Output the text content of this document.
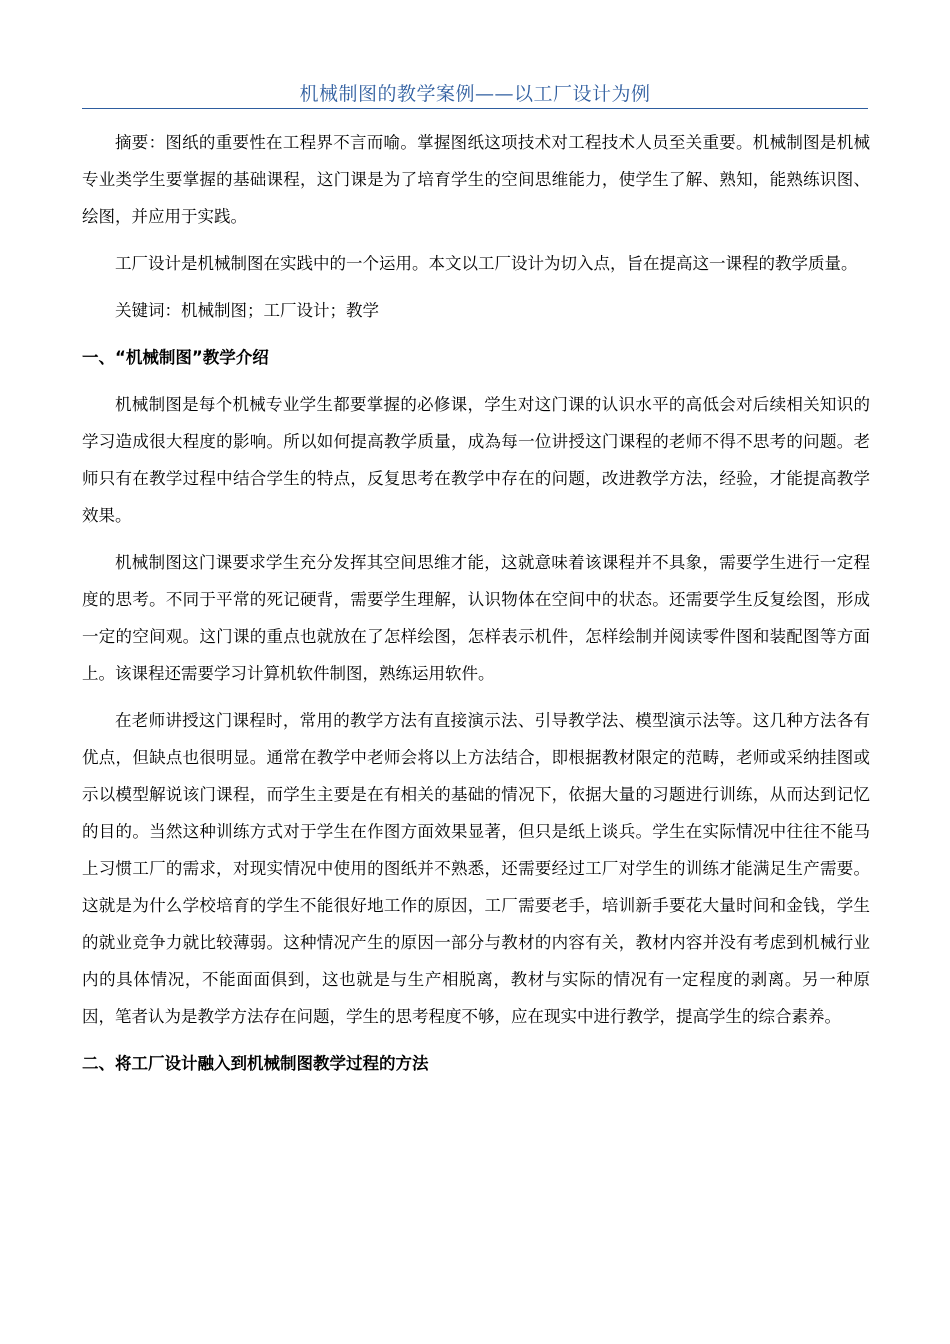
机械制图的教学案例——以工厂设计为例

摘要：图纸的重要性在工程界不言而喻。掌握图纸这项技术对工程技术人员至关重要。机械制图是机械专业类学生要掌握的基础课程，这门课是为了培育学生的空间思维能力，使学生了解、熟知，能熟练识图、绘图，并应用于实践。

工厂设计是机械制图在实践中的一个运用。本文以工厂设计为切入点，旨在提高这一课程的教学质量。

关键词：机械制图；工厂设计；教学

一、“机械制图”教学介绍

机械制图是每个机械专业学生都要掌握的必修课，学生对这门课的认识水平的高低会对后续相关知识的学习造成很大程度的影响。所以如何提高教学质量，成為每一位讲授这门课程的老师不得不思考的问题。老师只有在教学过程中结合学生的特点，反复思考在教学中存在的问题，改进教学方法，经验，才能提高教学效果。

机械制图这门课要求学生充分发挥其空间思维才能，这就意味着该课程并不具象，需要学生进行一定程度的思考。不同于平常的死记硬背，需要学生理解，认识物体在空间中的状态。还需要学生反复绘图，形成一定的空间观。这门课的重点也就放在了怎样绘图，怎样表示机件，怎样绘制并阅读零件图和装配图等方面上。该课程还需要学习计算机软件制图，熟练运用软件。

在老师讲授这门课程时，常用的教学方法有直接演示法、引导教学法、模型演示法等。这几种方法各有优点，但缺点也很明显。通常在教学中老师会将以上方法结合，即根据教材限定的范畴，老师或采纳挂图或示以模型解说该门课程，而学生主要是在有相关的基础的情况下，依据大量的习题进行训练，从而达到记忆的目的。当然这种训练方式对于学生在作图方面效果显著，但只是纸上谈兵。学生在实际情况中往往不能马上习惯工厂的需求，对现实情况中使用的图纸并不熟悉，还需要经过工厂对学生的训练才能满足生产需要。这就是为什么学校培育的学生不能很好地工作的原因，工厂需要老手，培训新手要花大量时间和金钱，学生的就业竞争力就比较薄弱。这种情况产生的原因一部分与教材的内容有关，教材内容并没有考虑到机械行业内的具体情况，不能面面俱到，这也就是与生产相脱离，教材与实际的情况有一定程度的剥离。另一种原因，笔者认为是教学方法存在问题，学生的思考程度不够，应在现实中进行教学，提高学生的综合素养。

二、将工厂设计融入到机械制图教学过程的方法
